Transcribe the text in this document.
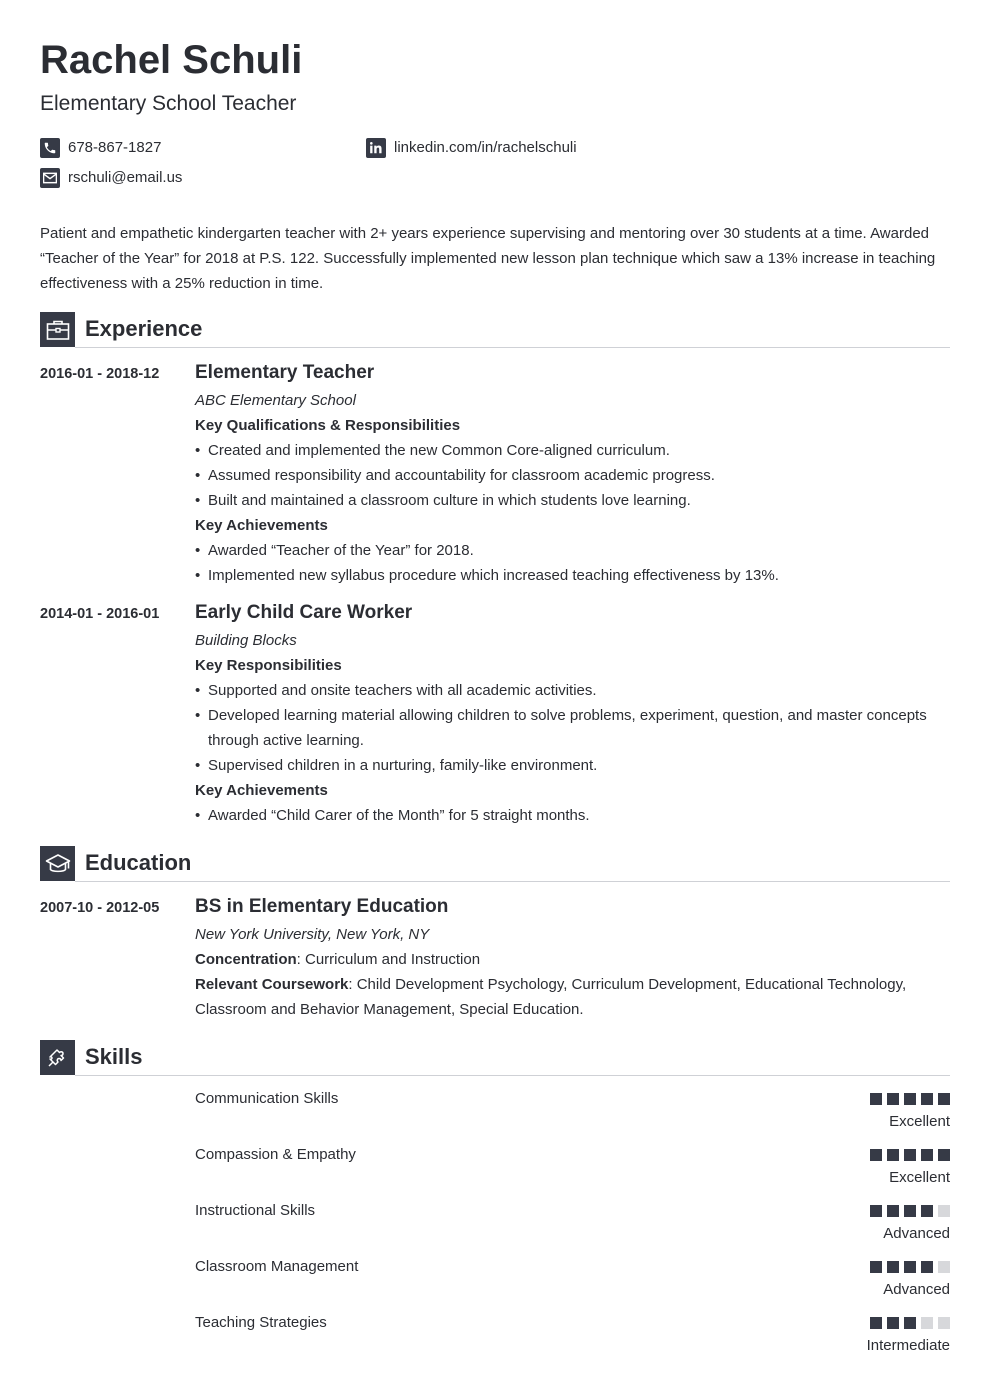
Rachel Schuli
Elementary School Teacher
678-867-1827	linkedin.com/in/rachelschuli
rschuli@email.us
Patient and empathetic kindergarten teacher with 2+ years experience supervising and mentoring over 30 students at a time. Awarded “Teacher of the Year” for 2018 at P.S. 122. Successfully implemented new lesson plan technique which saw a 13% increase in teaching effectiveness with a 25% reduction in time.
Experience
2016-01 - 2018-12 Elementary Teacher
ABC Elementary School
Key Qualifications & Responsibilities
• Created and implemented the new Common Core-aligned curriculum.
• Assumed responsibility and accountability for classroom academic progress.
• Built and maintained a classroom culture in which students love learning.
Key Achievements
• Awarded “Teacher of the Year” for 2018.
• Implemented new syllabus procedure which increased teaching effectiveness by 13%.
2014-01 - 2016-01 Early Child Care Worker
Building Blocks
Key Responsibilities
• Supported and onsite teachers with all academic activities.
• Developed learning material allowing children to solve problems, experiment, question, and master concepts through active learning.
• Supervised children in a nurturing, family-like environment.
Key Achievements
• Awarded “Child Carer of the Month” for 5 straight months.
Education
2007-10 - 2012-05 BS in Elementary Education
New York University, New York, NY
Concentration: Curriculum and Instruction
Relevant Coursework: Child Development Psychology, Curriculum Development, Educational Technology, Classroom and Behavior Management, Special Education.
Skills
Communication Skills
Excellent
Compassion & Empathy
Excellent
Instructional Skills
Advanced
Classroom Management
Advanced
Teaching Strategies
Intermediate
